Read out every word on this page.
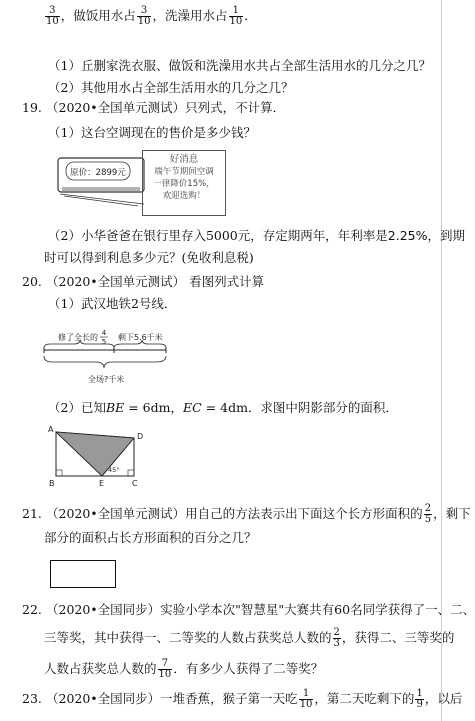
$\frac{3}{10}$ ，做饭用水占 $\frac{3}{10}$ ，洗澡用水占 $\frac{1}{10}$ ．
（1）丘删家洗衣服、做饭和洗澡用水共占全部生活用水的几分之几？
（2）其他用水占全部生活用水的几分之几？
19. （2020•全国单元测试）只列式，不计算．
（1）这台空调现在的售价是多少钱？
原价：2899元
好消息
端午节期间空调
一律降价15%，
欢迎选购！
（2）小华爸爸在银行里存入5000元，存定期两年，年利率是2.25%，到期
时可以得到利息多少元？(免收利息税)
20. （2020•全国单元测试） 看图列式计算
（1）武汉地铁2号线．
修了全长的 4
5 剩下5.6千米
全场?千米
（2）已知BE = 6dm，EC = 4dm．求图中阴影部分的面积．
45°
A
D
B	E	C
21. （2020•全国单元测试）用自己的方法表示出下面这个长方形面积的 $\frac{2}{5}$ ，剩下
部分的面积占长方形面积的百分之几？
22. （2020•全国同步）实验小学本次"智慧星"大赛共有60名同学获得了一、二、
三等奖，其中获得一、二等奖的人数占获奖总人数的 $\frac{2}{3}$ ，获得二、三等奖的
人数占获奖总人数的 $\frac{7}{10}$ ．有多少人获得了二等奖？
23. （2020•全国同步）一堆香蕉，猴子第一天吃 $\frac{1}{10}$ ，第二天吃剩下的 $\frac{1}{9}$ ，以后
